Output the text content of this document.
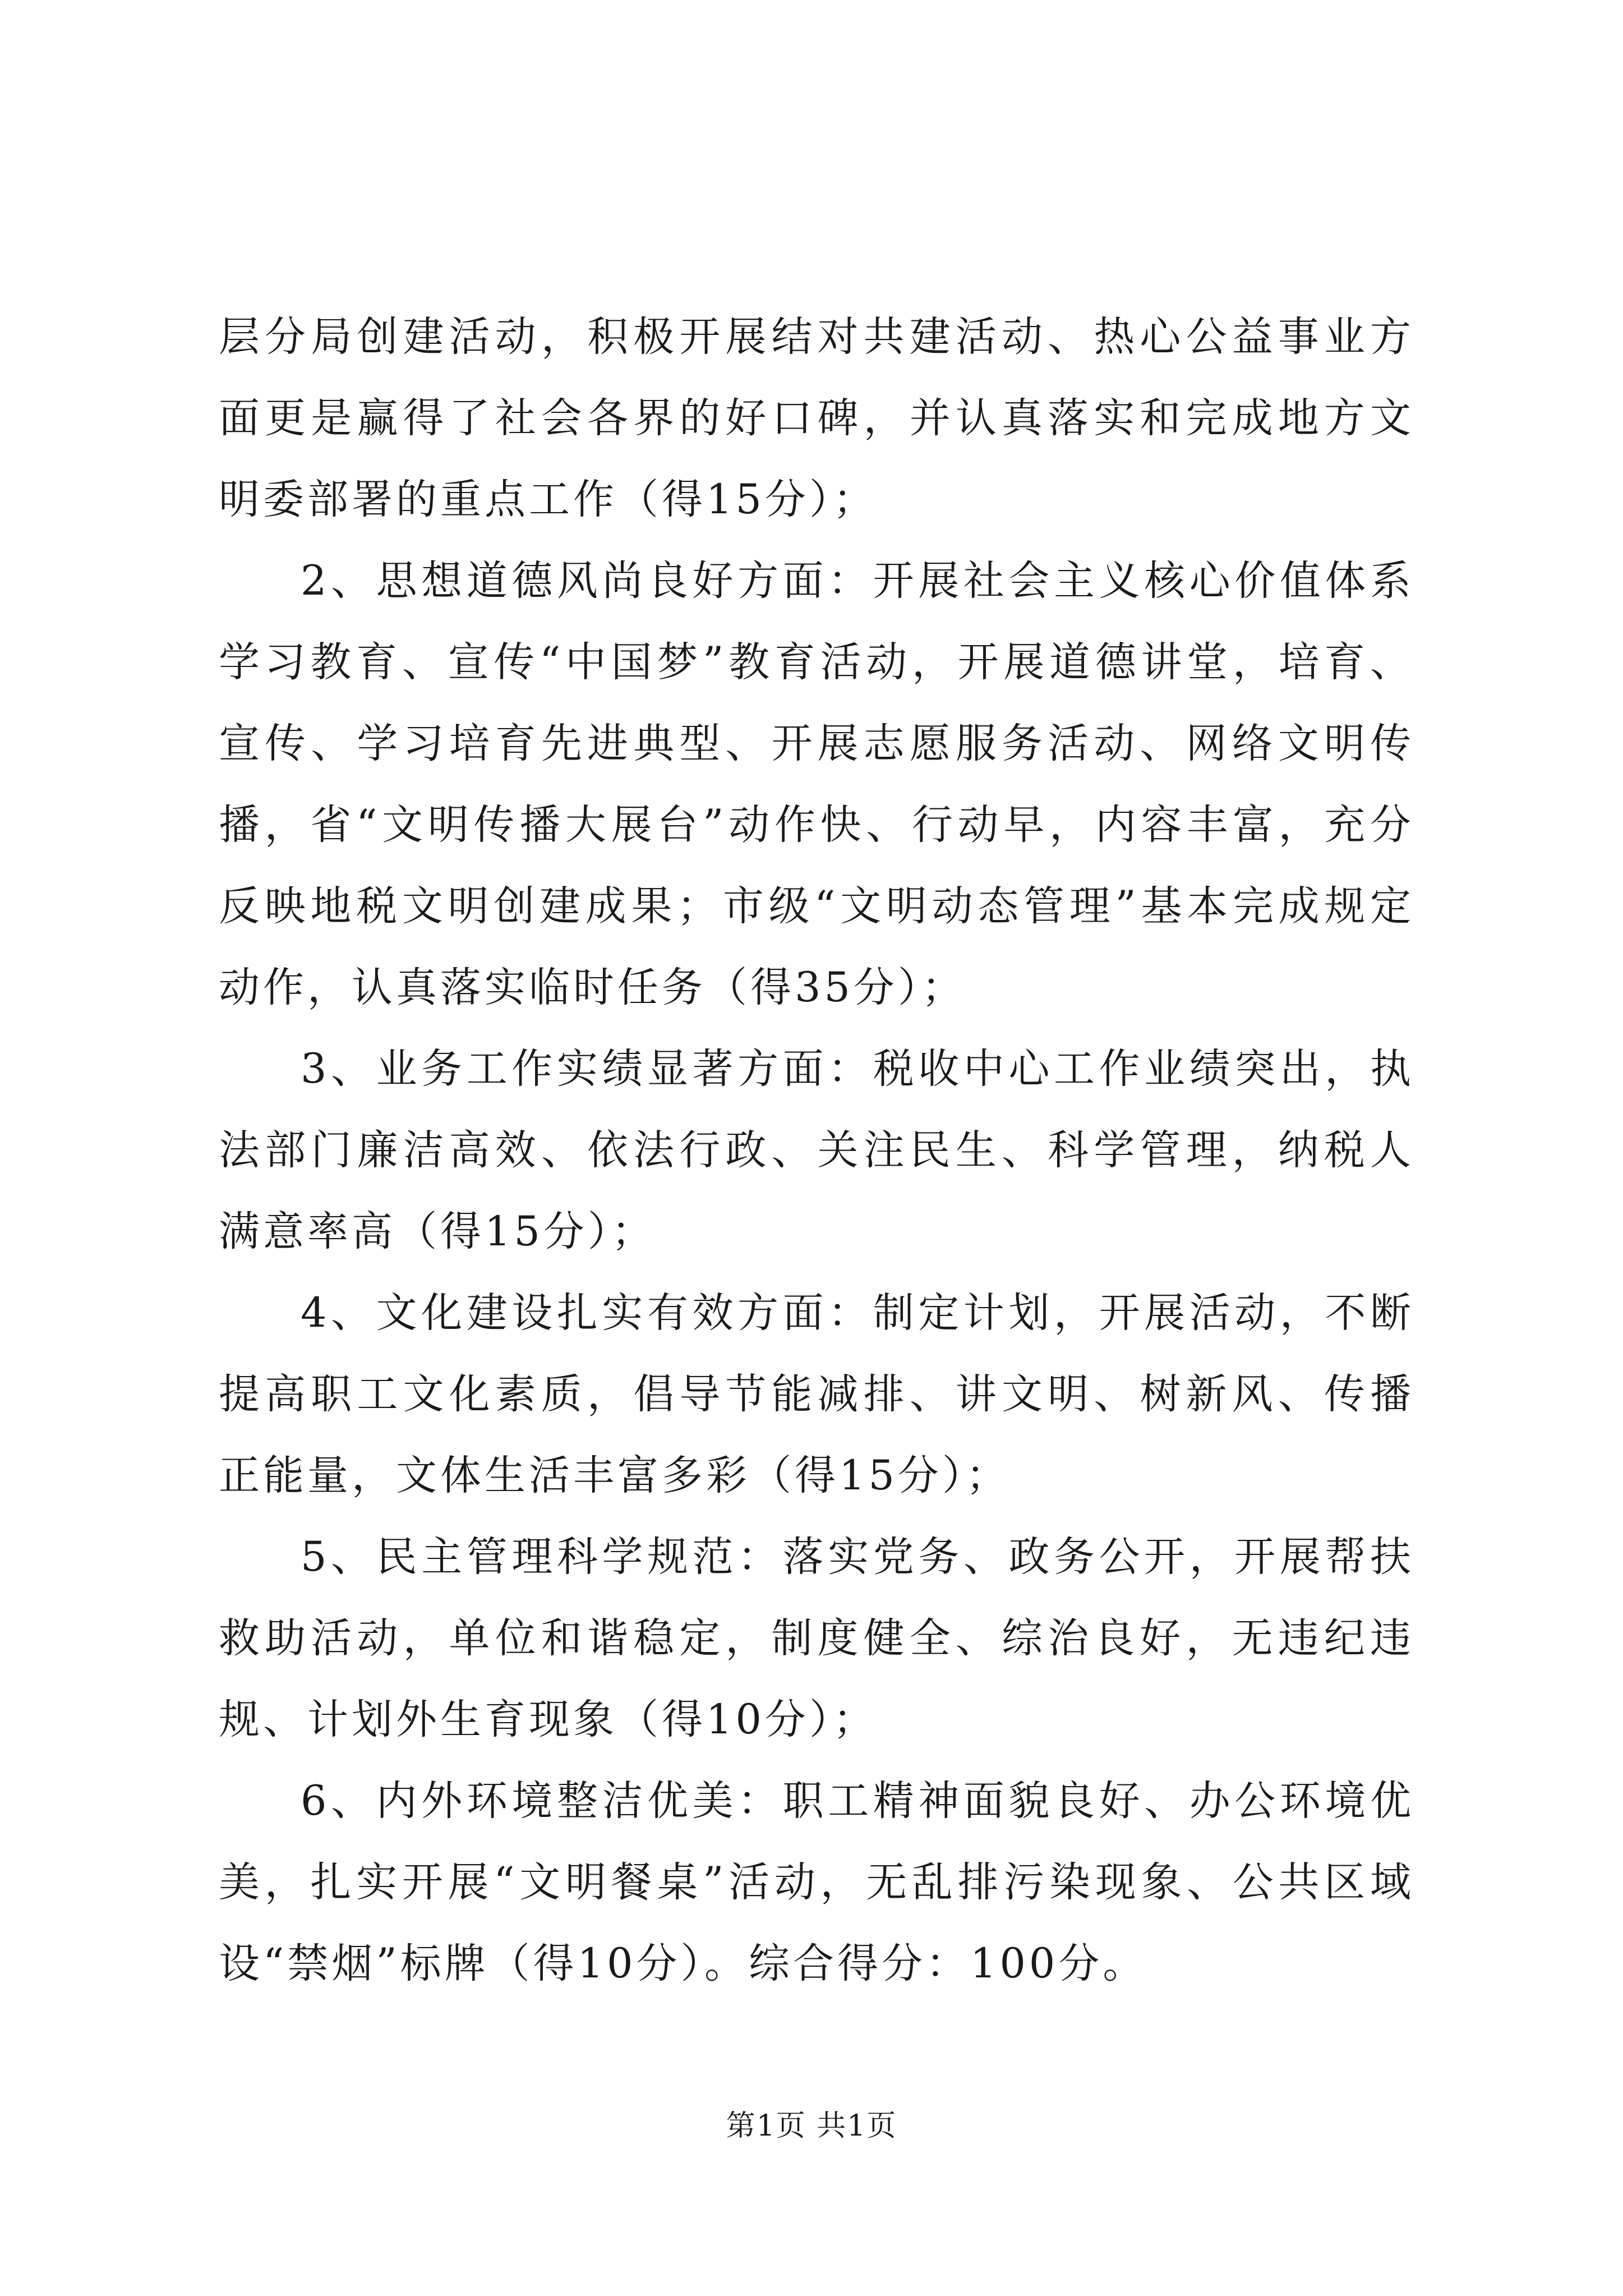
层分局创建活动，积极开展结对共建活动、热心公益事业方面更是赢得了社会各界的好口碑，并认真落实和完成地方文明委部署的重点工作（得15分）；

2、思想道德风尚良好方面：开展社会主义核心价值体系学习教育、宣传“中国梦”教育活动，开展道德讲堂，培育、宣传、学习培育先进典型、开展志愿服务活动、网络文明传播，省“文明传播大展台”动作快、行动早，内容丰富，充分反映地税文明创建成果；市级“文明动态管理”基本完成规定动作，认真落实临时任务（得35分）；

3、业务工作实绩显著方面：税收中心工作业绩突出，执法部门廉洁高效、依法行政、关注民生、科学管理，纳税人满意率高（得15分）；

4、文化建设扎实有效方面：制定计划，开展活动，不断提高职工文化素质，倡导节能减排、讲文明、树新风、传播正能量，文体生活丰富多彩（得15分）；

5、民主管理科学规范：落实党务、政务公开，开展帮扶救助活动，单位和谐稳定，制度健全、综治良好，无违纪违规、计划外生育现象（得10分）；

6、内外环境整洁优美：职工精神面貌良好、办公环境优美，扎实开展“文明餐桌”活动，无乱排污染现象、公共区域设“禁烟”标牌（得10分）。综合得分：100分。

第1页 共1页
